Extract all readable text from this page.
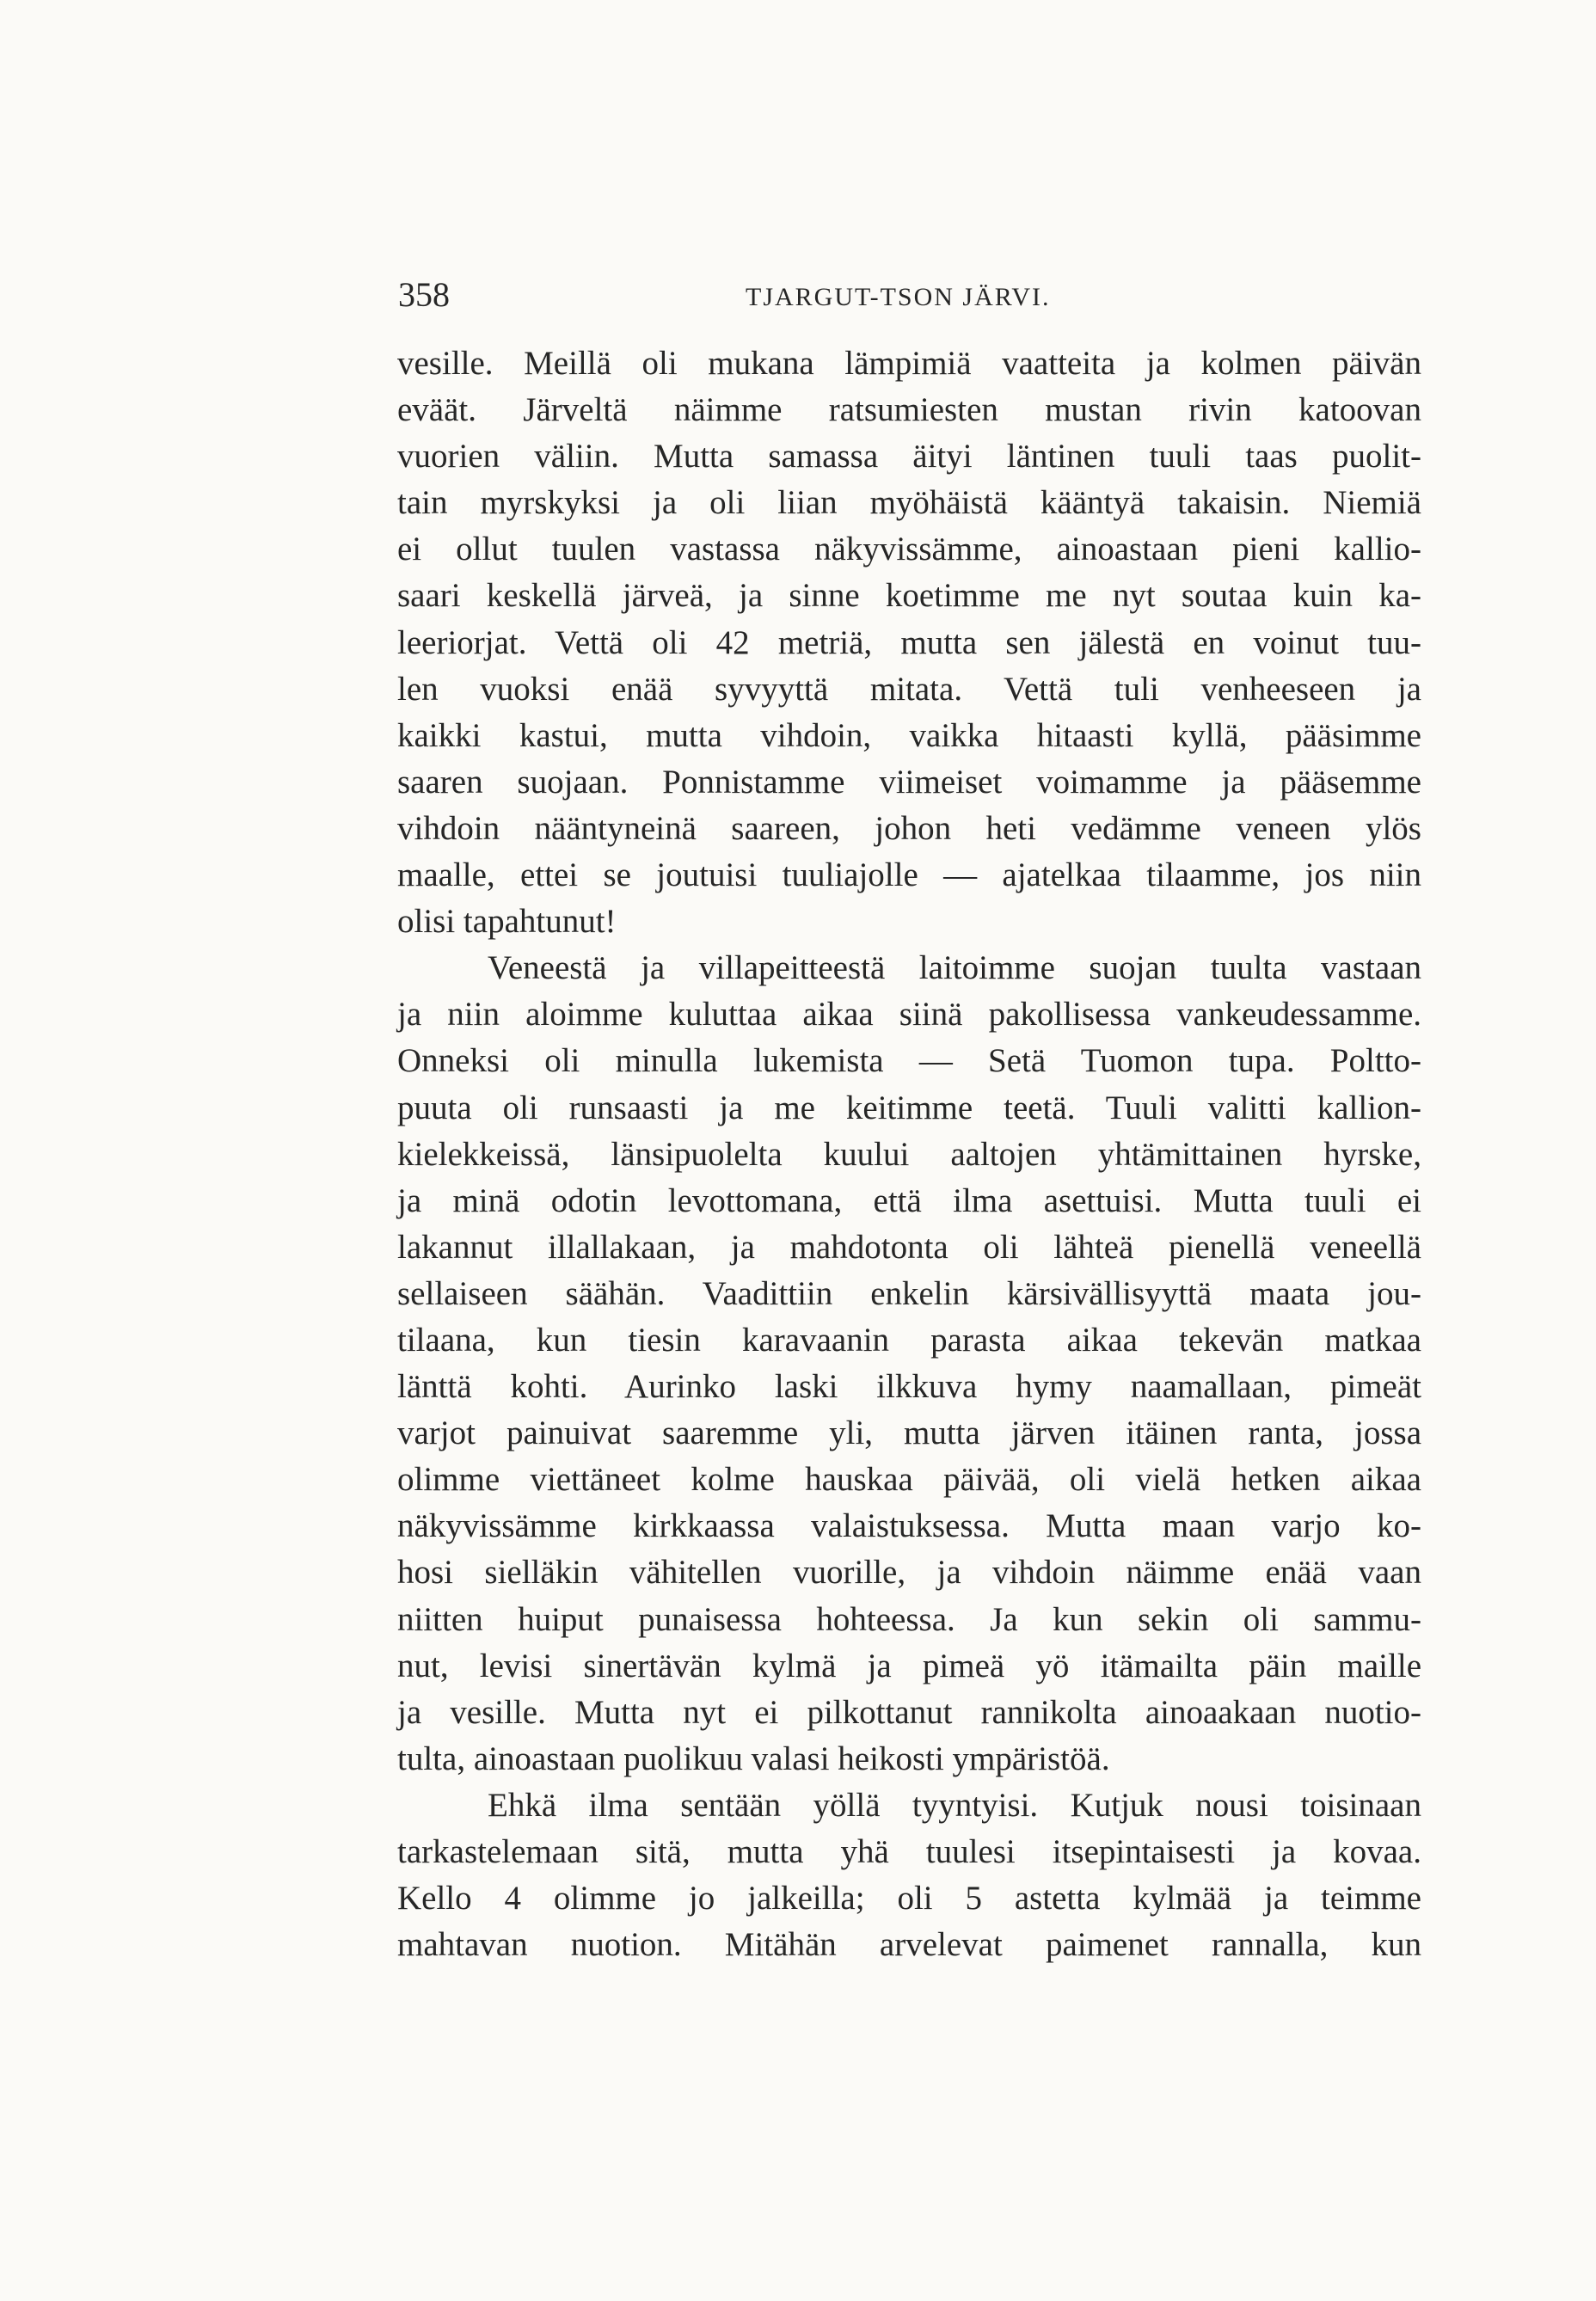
358	TJARGUT-TSON JÄRVI.
vesille. Meillä oli mukana lämpimiä vaatteita ja kolmen päivän
eväät. Järveltä näimme ratsumiesten mustan rivin katoovan
vuorien väliin. Mutta samassa äityi läntinen tuuli taas puolit-
tain myrskyksi ja oli liian myöhäistä kääntyä takaisin. Niemiä
ei ollut tuulen vastassa näkyvissämme, ainoastaan pieni kallio-
saari keskellä järveä, ja sinne koetimme me nyt soutaa kuin ka-
leeriorjat. Vettä oli 42 metriä, mutta sen jälestä en voinut tuu-
len vuoksi enää syvyyttä mitata. Vettä tuli venheeseen ja
kaikki kastui, mutta vihdoin, vaikka hitaasti kyllä, pääsimme
saaren suojaan. Ponnistamme viimeiset voimamme ja pääsemme
vihdoin nääntyneinä saareen, johon heti vedämme veneen ylös
maalle, ettei se joutuisi tuuliajolle — ajatelkaa tilaamme, jos niin
olisi tapahtunut!
Veneestä ja villapeitteestä laitoimme suojan tuulta vastaan
ja niin aloimme kuluttaa aikaa siinä pakollisessa vankeudessamme.
Onneksi oli minulla lukemista — Setä Tuomon tupa. Poltto-
puuta oli runsaasti ja me keitimme teetä. Tuuli valitti kallion-
kielekkeissä, länsipuolelta kuului aaltojen yhtämittainen hyrske,
ja minä odotin levottomana, että ilma asettuisi. Mutta tuuli ei
lakannut illallakaan, ja mahdotonta oli lähteä pienellä veneellä
sellaiseen säähän. Vaadittiin enkelin kärsivällisyyttä maata jou-
tilaana, kun tiesin karavaanin parasta aikaa tekevän matkaa
länttä kohti. Aurinko laski ilkkuva hymy naamallaan, pimeät
varjot painuivat saaremme yli, mutta järven itäinen ranta, jossa
olimme viettäneet kolme hauskaa päivää, oli vielä hetken aikaa
näkyvissämme kirkkaassa valaistuksessa. Mutta maan varjo ko-
hosi sielläkin vähitellen vuorille, ja vihdoin näimme enää vaan
niitten huiput punaisessa hohteessa. Ja kun sekin oli sammu-
nut, levisi sinertävän kylmä ja pimeä yö itämailta päin maille
ja vesille. Mutta nyt ei pilkottanut rannikolta ainoaakaan nuotio-
tulta, ainoastaan puolikuu valasi heikosti ympäristöä.
Ehkä ilma sentään yöllä tyyntyisi. Kutjuk nousi toisinaan
tarkastelemaan sitä, mutta yhä tuulesi itsepintaisesti ja kovaa.
Kello 4 olimme jo jalkeilla; oli 5 astetta kylmää ja teimme
mahtavan nuotion. Mitähän arvelevat paimenet rannalla, kun
